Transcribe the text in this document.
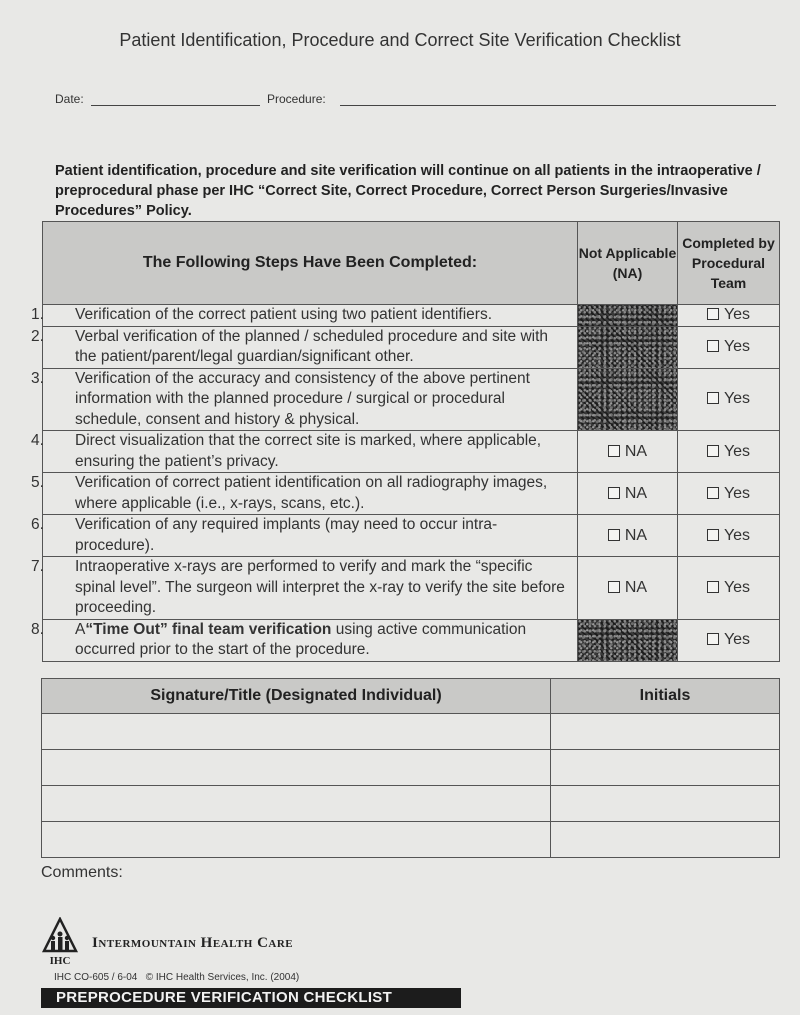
Patient Identification, Procedure and Correct Site Verification Checklist
Date:	Procedure:
Patient identification, procedure and site verification will continue on all patients in the intraoperative / preprocedural phase per IHC “Correct Site, Correct Procedure, Correct Person Surgeries/Invasive Procedures” Policy.
The Following Steps Have Been Completed:	Not Applicable (NA)	Completed by Procedural Team

1. Verification of the correct patient using two patient identifiers.		Yes

2. Verbal verification of the planned / scheduled procedure and site with the patient/parent/legal guardian/significant other.		Yes

3. Verification of the accuracy and consistency of the above pertinent information with the planned procedure / surgical or procedural schedule, consent and history & physical.		Yes

4. Direct visualization that the correct site is marked, where applicable, ensuring the patient’s privacy.	NA	Yes

5. Verification of correct patient identification on all radiography images, where applicable (i.e., x-rays, scans, etc.).	NA	Yes

6. Verification of any required implants (may need to occur intra-procedure).	NA	Yes

7. Intraoperative x-rays are performed to verify and mark the “specific spinal level”. The surgeon will interpret the x-ray to verify the site before proceeding.	NA	Yes

8. A“Time Out” final team verification using active communication occurred prior to the start of the procedure.		Yes
Signature/Title (Designated Individual)	Initials

Comments:
IHC
Intermountain Health Care
IHC CO-605 / 6-04 © IHC Health Services, Inc. (2004)
PREPROCEDURE VERIFICATION CHECKLIST
